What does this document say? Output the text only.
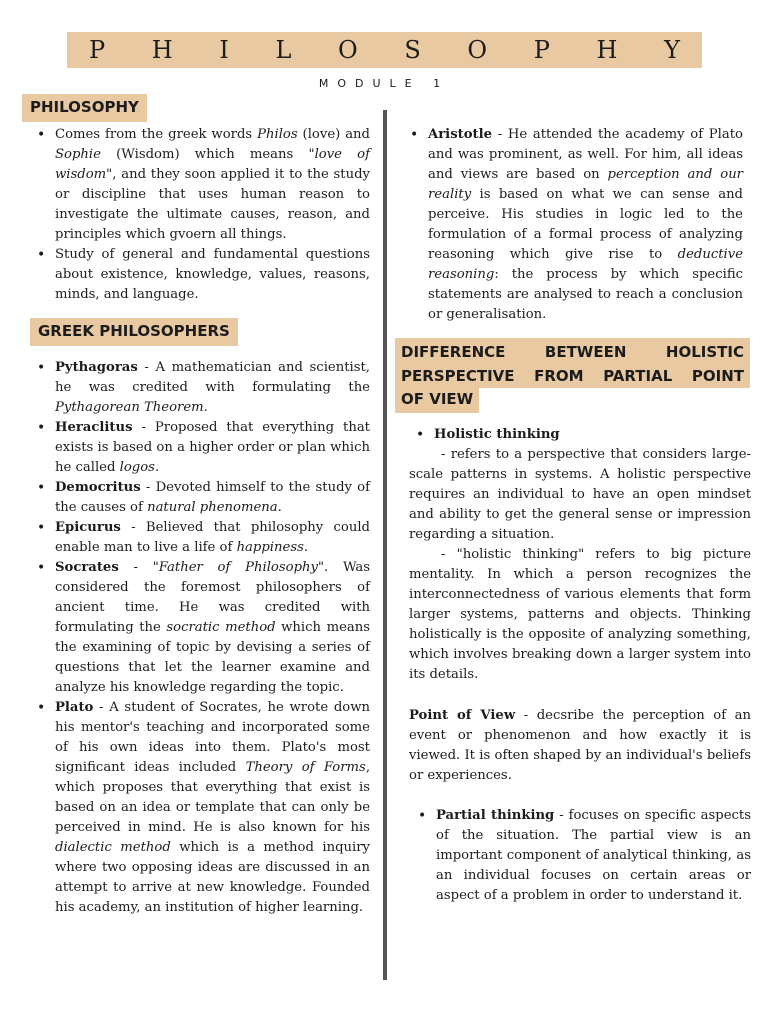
P H I L O S O P H Y
MODULE 1
PHILOSOPHY
• Comes from the greek words Philos (love) and Sophie (Wisdom) which means "love of wisdom", and they soon applied it to the study or discipline that uses human reason to investigate the ultimate causes, reason, and principles which gvoern all things.
• Study of general and fundamental questions about existence, knowledge, values, reasons, minds, and language.
GREEK PHILOSOPHERS
• Pythagoras - A mathematician and scientist, he was credited with formulating the Pythagorean Theorem.
• Heraclitus - Proposed that everything that exists is based on a higher order or plan which he called logos.
• Democritus - Devoted himself to the study of the causes of natural phenomena.
• Epicurus - Believed that philosophy could enable man to live a life of happiness.
• Socrates - "Father of Philosophy". Was considered the foremost philosophers of ancient time. He was credited with formulating the socratic method which means the examining of topic by devising a series of questions that let the learner examine and analyze his knowledge regarding the topic.
• Plato - A student of Socrates, he wrote down his mentor's teaching and incorporated some of his own ideas into them. Plato's most significant ideas included Theory of Forms, which proposes that everything that exist is based on an idea or template that can only be perceived in mind. He is also known for his dialectic method which is a method inquiry where two opposing ideas are discussed in an attempt to arrive at new knowledge. Founded his academy, an institution of higher learning.
• Aristotle - He attended the academy of Plato and was prominent, as well. For him, all ideas and views are based on perception and our reality is based on what we can sense and perceive. His studies in logic led to the formulation of a formal process of analyzing reasoning which give rise to deductive reasoning: the process by which specific statements are analysed to reach a conclusion or generalisation.
DIFFERENCE	BETWEEN	HOLISTIC
PERSPECTIVE FROM PARTIAL POINT
OF VIEW
• Holistic thinking

- refers to a perspective that considers large-scale patterns in systems. A holistic perspective requires an individual to have an open mindset and ability to get the general sense or impression regarding a situation.

- "holistic thinking" refers to big picture mentality. In which a person recognizes the interconnectedness of various elements that form larger systems, patterns and objects. Thinking holistically is the opposite of analyzing something, which involves breaking down a larger system into its details.

Point of View - decsribe the perception of an event or phenomenon and how exactly it is viewed. It is often shaped by an individual's beliefs or experiences.

• Partial thinking - focuses on specific aspects of the situation. The partial view is an important component of analytical thinking, as an individual focuses on certain areas or aspect of a problem in order to understand it.
